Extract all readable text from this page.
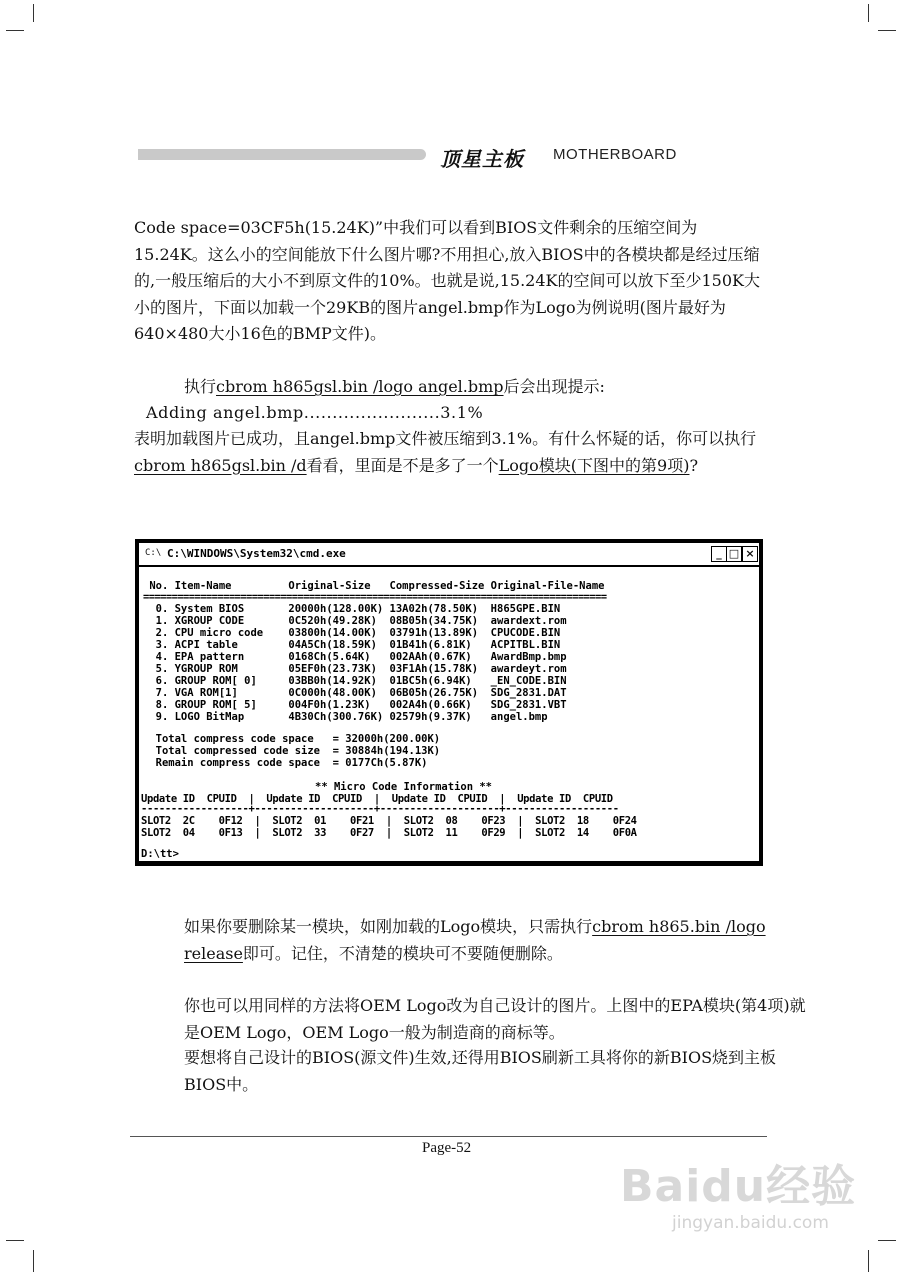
顶星主板 MOTHERBOARD

Code space=03CF5h(15.24K)”中我们可以看到BIOS文件剩余的压缩空间为15.24K。这么小的空间能放下什么图片哪?不用担心,放入BIOS中的各模块都是经过压缩的,一般压缩后的大小不到原文件的10%。也就是说,15.24K的空间可以放下至少150K大小的图片，下面以加载一个29KB的图片angel.bmp作为Logo为例说明(图片最好为640×480大小16色的BMP文件)。

执行cbrom h865gsl.bin /logo angel.bmp后会出现提示:

Adding angel.bmp........................3.1%

表明加载图片已成功，且angel.bmp文件被压缩到3.1%。有什么怀疑的话，你可以执行cbrom h865gsl.bin /d看看，里面是不是多了一个Logo模块(下图中的第9项)?

C:\ C:\WINDOWS\System32\cmd.exe	_ □ ×
No. Item-Name         Original-Size   Compressed-Size Original-File-Name
=================================================================================
0. System BIOS       20000h(128.00K) 13A02h(78.50K)  H865GPE.BIN
1. XGROUP CODE       0C520h(49.28K)  08B05h(34.75K)  awardext.rom
2. CPU micro code    03800h(14.00K)  03791h(13.89K)  CPUCODE.BIN
3. ACPI table        04A5Ch(18.59K)  01B41h(6.81K)   ACPITBL.BIN
4. EPA pattern       0168Ch(5.64K)   002AAh(0.67K)   AwardBmp.bmp
5. YGROUP ROM        05EF0h(23.73K)  03F1Ah(15.78K)  awardeyt.rom
6. GROUP ROM[ 0]     03BB0h(14.92K)  01BC5h(6.94K)   _EN_CODE.BIN
7. VGA ROM[1]        0C000h(48.00K)  06B05h(26.75K)  SDG_2831.DAT
8. GROUP ROM[ 5]     004F0h(1.23K)   002A4h(0.66K)   SDG_2831.VBT
9. LOGO BitMap       4B30Ch(300.76K) 02579h(9.37K)   angel.bmp
Total compress code space   = 32000h(200.00K)
Total compressed code size  = 30884h(194.13K)
Remain compress code space  = 0177Ch(5.87K)
** Micro Code Information **
Update ID  CPUID  |  Update ID  CPUID  |  Update ID  CPUID  |  Update ID  CPUID
------------------+--------------------+--------------------+-------------------
SLOT2  2C    0F12  |  SLOT2  01    0F21  |  SLOT2  08    0F23  |  SLOT2  18    0F24
SLOT2  04    0F13  |  SLOT2  33    0F27  |  SLOT2  11    0F29  |  SLOT2  14    0F0A
D:\tt>

如果你要删除某一模块，如刚加载的Logo模块，只需执行cbrom h865.bin /logo release即可。记住，不清楚的模块可不要随便删除。

你也可以用同样的方法将OEM Logo改为自己设计的图片。上图中的EPA模块(第4项)就是OEM Logo，OEM Logo一般为制造商的商标等。

要想将自己设计的BIOS(源文件)生效,还得用BIOS刷新工具将你的新BIOS烧到主板BIOS中。

Page-52
Baidu经验
jingyan.baidu.com
